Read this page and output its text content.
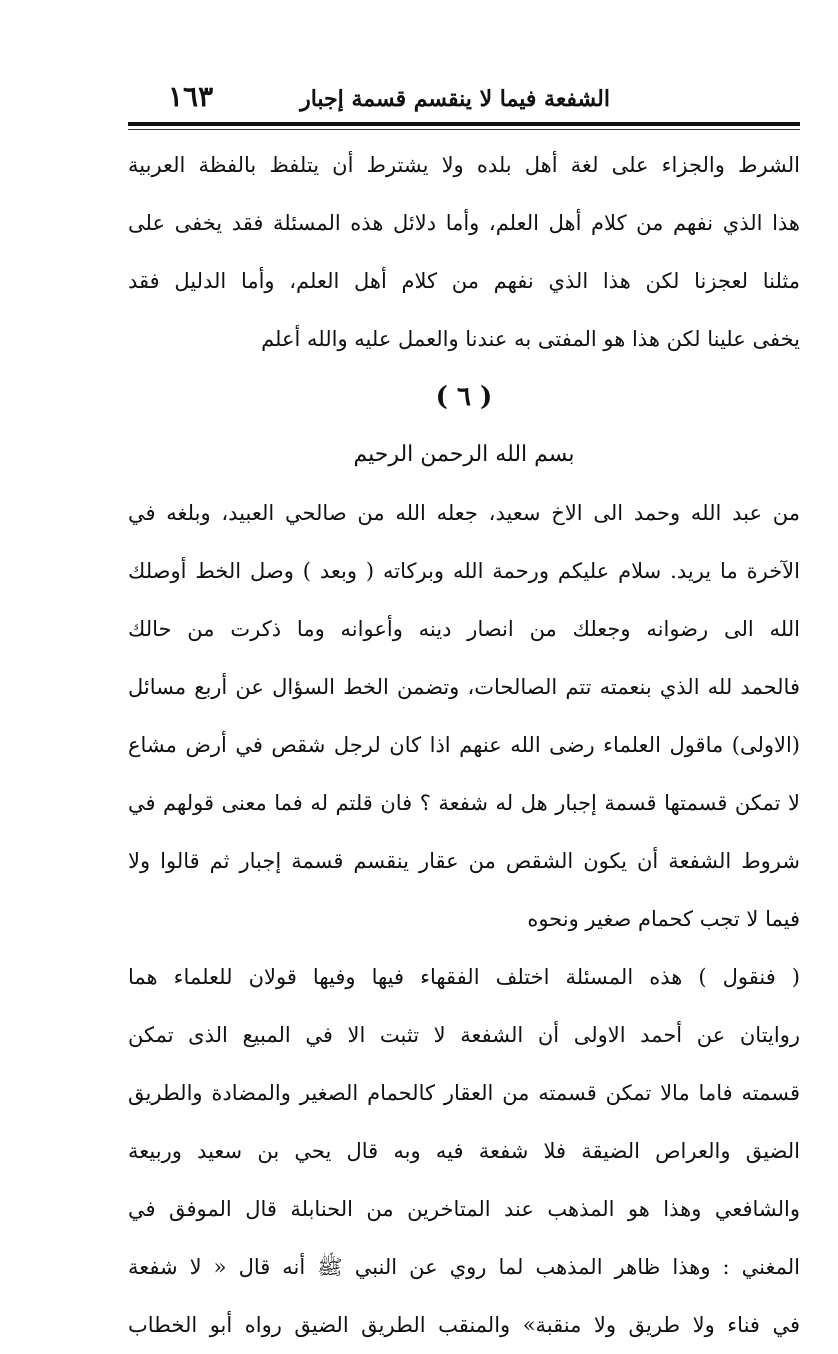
الشفعة فيما لا ينقسم قسمة إجبار
١٦٣
الشرط والجزاء على لغة أهل بلده ولا يشترط أن يتلفظ بالفظة العربية
هذا الذي نفهم من كلام أهل العلم، وأما دلائل هذه المسئلة فقد يخفى على
مثلنا لعجزنا لكن هذا الذي نفهم من كلام أهل العلم، وأما الدليل فقد
يخفى علينا لكن هذا هو المفتى به عندنا والعمل عليه والله أعلم
( ٦ )
بسم الله الرحمن الرحيم
من عبد الله وحمد الى الاخ سعيد، جعله الله من صالحي العبيد، وبلغه في
الآخرة ما يريد. سلام عليكم ورحمة الله وبركاته ( وبعد ) وصل الخط أوصلك
الله الى رضوانه وجعلك من انصار دينه وأعوانه وما ذكرت من حالك
فالحمد لله الذي بنعمته تتم الصالحات، وتضمن الخط السؤال عن أربع مسائل
(الاولى) ماقول العلماء رضى الله عنهم اذا كان لرجل شقص في أرض مشاع
لا تمكن قسمتها قسمة إجبار هل له شفعة ؟ فان قلتم له فما معنى قولهم في
شروط الشفعة أن يكون الشقص من عقار ينقسم قسمة إجبار ثم قالوا ولا
فيما لا تجب كحمام صغير ونحوه
( فنقول ) هذه المسئلة اختلف الفقهاء فيها وفيها قولان للعلماء هما
روايتان عن أحمد الاولى أن الشفعة لا تثبت الا في المبيع الذى تمكن
قسمته فاما مالا تمكن قسمته من العقار كالحمام الصغير والمضادة والطريق
الضيق والعراص الضيقة فلا شفعة فيه وبه قال يحي بن سعيد وربيعة
والشافعي وهذا هو المذهب عند المتاخرين من الحنابلة قال الموفق في
المغني : وهذا ظاهر المذهب لما روي عن النبي ﷺ أنه قال « لا شفعة
في فناء ولا طريق ولا منقبة» والمنقب الطريق الضيق رواه أبو الخطاب
